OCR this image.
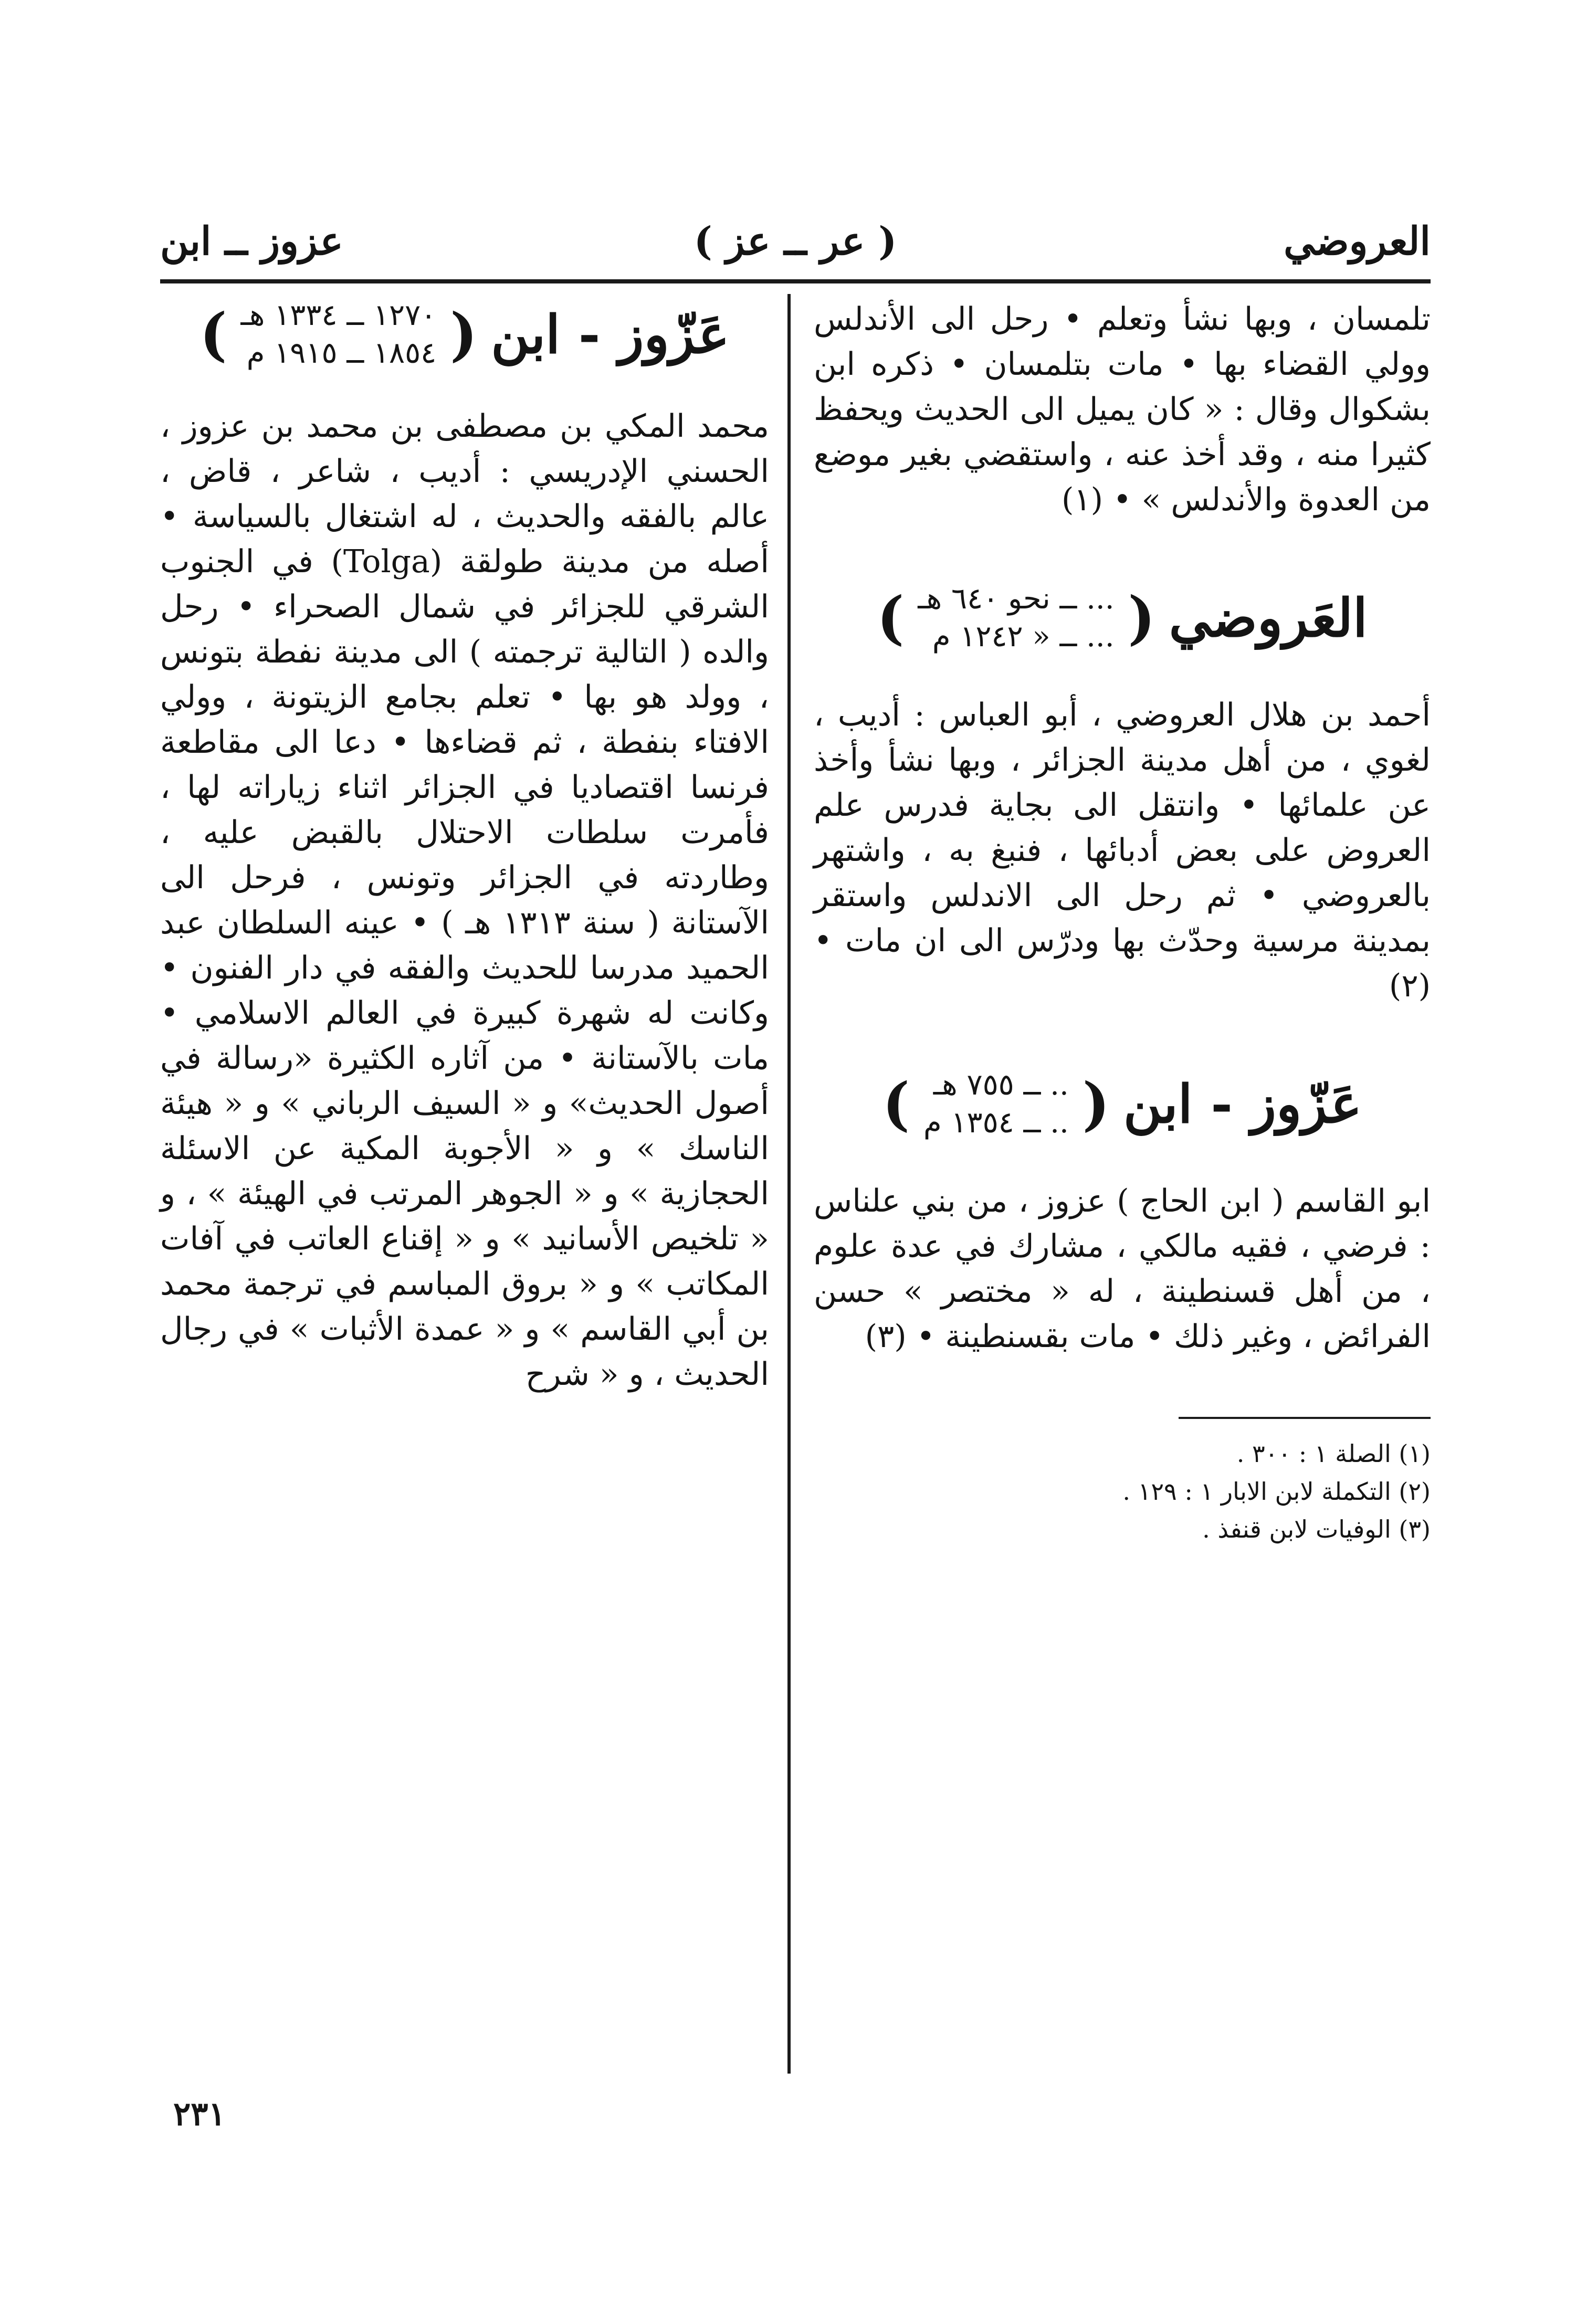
العروضي
( عر ــ عز )
عزوز ــ ابن

تلمسان ، وبها نشأ وتعلم • رحل الى الأندلس وولي القضاء بها • مات بتلمسان • ذكره ابن بشكوال وقال : « كان يميل الى الحديث ويحفظ كثيرا منه ، وقد أخذ عنه ، واستقضي بغير موضع من العدوة والأندلس » • (١)

العَروضي
(
... ــ نحو ٦٤٠ هـ
... ــ « ١٢٤٢ م
)

أحمد بن هلال العروضي ، أبو العباس : أديب ، لغوي ، من أهل مدينة الجزائر ، وبها نشأ وأخذ عن علمائها • وانتقل الى بجاية فدرس علم العروض على بعض أدبائها ، فنبغ به ، واشتهر بالعروضي • ثم رحل الى الاندلس واستقر بمدينة مرسية وحدّث بها ودرّس الى ان مات • (٢)

عَزّوز - ابن
(
.. ــ ٧٥٥ هـ
.. ــ ١٣٥٤ م
)

ابو القاسم ( ابن الحاج ) عزوز ، من بني علناس : فرضي ، فقيه مالكي ، مشارك في عدة علوم ، من أهل قسنطينة ، له « مختصر » حسن الفرائض ، وغير ذلك • مات بقسنطينة • (٣)

(١) الصلة ١ : ٣٠٠ .

(٢) التكملة لابن الابار ١ : ١٢٩ .

(٣) الوفيات لابن قنفذ .

عَزّوز - ابن
(
١٢٧٠ ــ ١٣٣٤ هـ
١٨٥٤ ــ ١٩١٥ م
)

محمد المكي بن مصطفى بن محمد بن عزوز ، الحسني الإدريسي : أديب ، شاعر ، قاض ، عالم بالفقه والحديث ، له اشتغال بالسياسة • أصله من مدينة طولقة (Tolga) في الجنوب الشرقي للجزائر في شمال الصحراء • رحل والده ( التالية ترجمته ) الى مدينة نفطة بتونس ، وولد هو بها • تعلم بجامع الزيتونة ، وولي الافتاء بنفطة ، ثم قضاءها • دعا الى مقاطعة فرنسا اقتصاديا في الجزائر اثناء زياراته لها ، فأمرت سلطات الاحتلال بالقبض عليه ، وطاردته في الجزائر وتونس ، فرحل الى الآستانة ( سنة ١٣١٣ هـ ) • عينه السلطان عبد الحميد مدرسا للحديث والفقه في دار الفنون • وكانت له شهرة كبيرة في العالم الاسلامي • مات بالآستانة • من آثاره الكثيرة «رسالة في أصول الحديث» و « السيف الرباني » و « هيئة الناسك » و « الأجوبة المكية عن الاسئلة الحجازية » و « الجوهر المرتب في الهيئة » ، و « تلخيص الأسانيد » و « إقناع العاتب في آفات المكاتب » و « بروق المباسم في ترجمة محمد بن أبي القاسم » و « عمدة الأثبات » في رجال الحديث ، و « شرح

٢٣١
